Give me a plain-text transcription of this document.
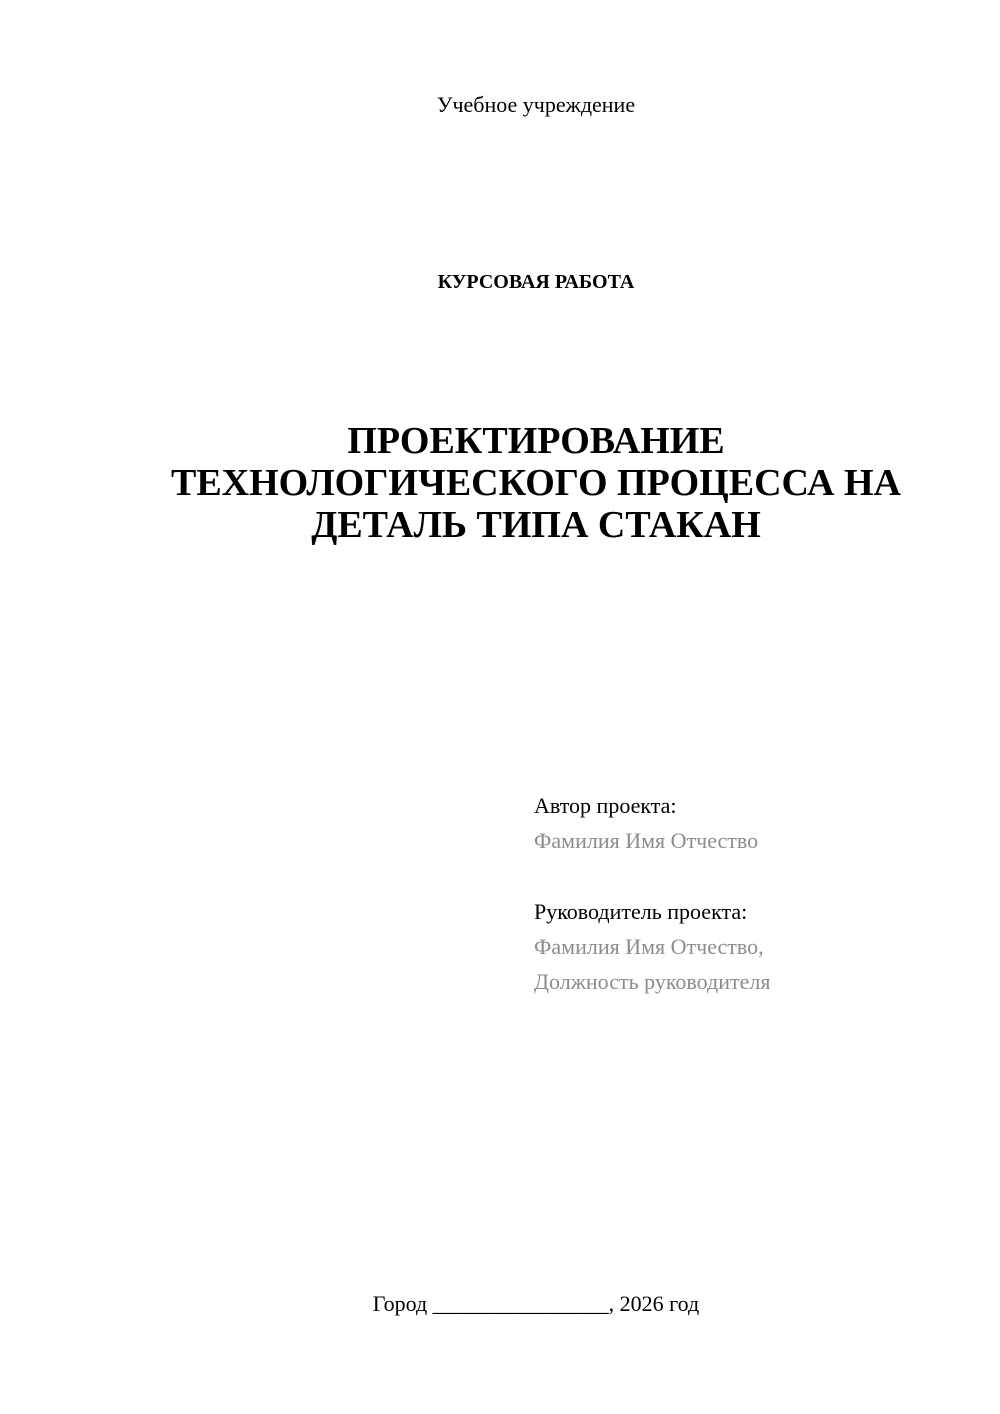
Учебное учреждение
КУРСОВАЯ РАБОТА
ПРОЕКТИРОВАНИЕ
ТЕХНОЛОГИЧЕСКОГО ПРОЦЕССА НА
ДЕТАЛЬ ТИПА СТАКАН
Автор проекта:
Фамилия Имя Отчество
Руководитель проекта:
Фамилия Имя Отчество,
Должность руководителя
Город ________________, 2026 год
